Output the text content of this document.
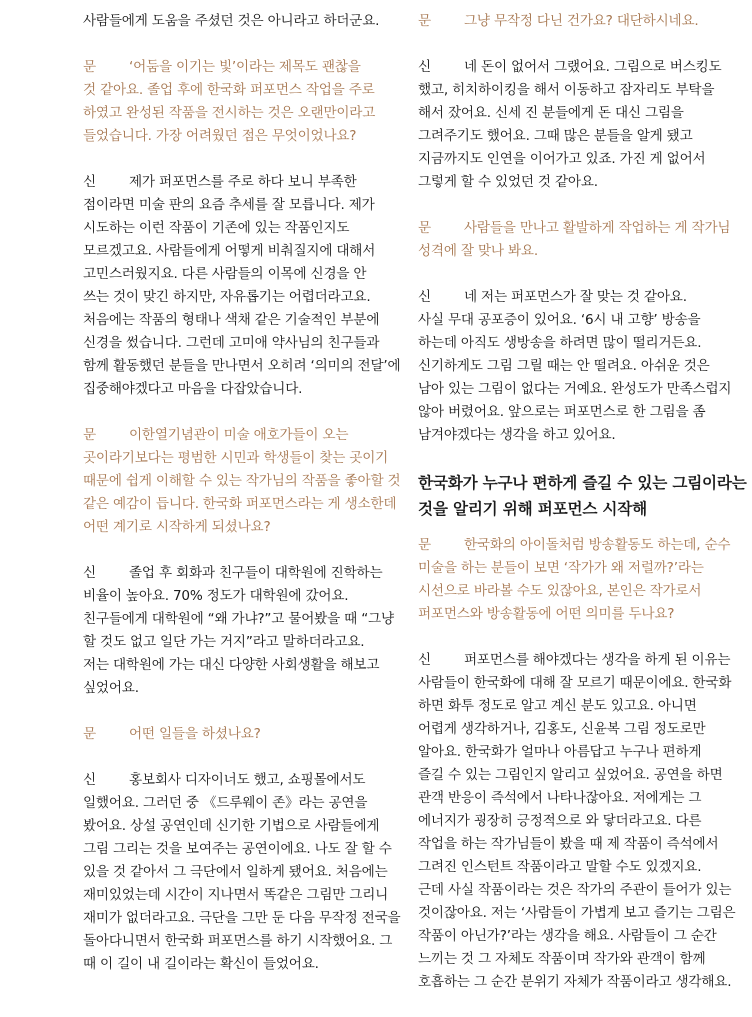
사람들에게 도움을 주셨던 것은 아니라고 하더군요.
문 ‘어둠을 이기는 빛’이라는 제목도 괜찮을
것 같아요. 졸업 후에 한국화 퍼포먼스 작업을 주로
하였고 완성된 작품을 전시하는 것은 오랜만이라고
들었습니다. 가장 어려웠던 점은 무엇이었나요?
신 제가 퍼포먼스를 주로 하다 보니 부족한
점이라면 미술 판의 요즘 추세를 잘 모릅니다. 제가
시도하는 이런 작품이 기존에 있는 작품인지도
모르겠고요. 사람들에게 어떻게 비춰질지에 대해서
고민스러웠지요. 다른 사람들의 이목에 신경을 안
쓰는 것이 맞긴 하지만, 자유롭기는 어렵더라고요.
처음에는 작품의 형태나 색채 같은 기술적인 부분에
신경을 썼습니다. 그런데 고미애 약사님의 친구들과
함께 활동했던 분들을 만나면서 오히려 ‘의미의 전달’에
집중해야겠다고 마음을 다잡았습니다.
문 이한열기념관이 미술 애호가들이 오는
곳이라기보다는 평범한 시민과 학생들이 찾는 곳이기
때문에 쉽게 이해할 수 있는 작가님의 작품을 좋아할 것
같은 예감이 듭니다. 한국화 퍼포먼스라는 게 생소한데
어떤 계기로 시작하게 되셨나요?
신 졸업 후 회화과 친구들이 대학원에 진학하는
비율이 높아요. 70% 정도가 대학원에 갔어요.
친구들에게 대학원에 “왜 가냐?”고 물어봤을 때 “그냥
할 것도 없고 일단 가는 거지”라고 말하더라고요.
저는 대학원에 가는 대신 다양한 사회생활을 해보고
싶었어요.
문 어떤 일들을 하셨나요?
신 홍보회사 디자이너도 했고, 쇼핑몰에서도
일했어요. 그러던 중 《드루웨이 존》라는 공연을
봤어요. 상설 공연인데 신기한 기법으로 사람들에게
그림 그리는 것을 보여주는 공연이에요. 나도 잘 할 수
있을 것 같아서 그 극단에서 일하게 됐어요. 처음에는
재미있었는데 시간이 지나면서 똑같은 그림만 그리니
재미가 없더라고요. 극단을 그만 둔 다음 무작정 전국을
돌아다니면서 한국화 퍼포먼스를 하기 시작했어요. 그
때 이 길이 내 길이라는 확신이 들었어요.
문 그냥 무작정 다닌 건가요? 대단하시네요.
신 네 돈이 없어서 그랬어요. 그림으로 버스킹도
했고, 히치하이킹을 해서 이동하고 잠자리도 부탁을
해서 잤어요. 신세 진 분들에게 돈 대신 그림을
그려주기도 했어요. 그때 많은 분들을 알게 됐고
지금까지도 인연을 이어가고 있죠. 가진 게 없어서
그렇게 할 수 있었던 것 같아요.
문 사람들을 만나고 활발하게 작업하는 게 작가님
성격에 잘 맞나 봐요.
신 네 저는 퍼포먼스가 잘 맞는 것 같아요.
사실 무대 공포증이 있어요. ‘6시 내 고향’ 방송을
하는데 아직도 생방송을 하려면 많이 떨리거든요.
신기하게도 그림 그릴 때는 안 떨려요. 아쉬운 것은
남아 있는 그림이 없다는 거예요. 완성도가 만족스럽지
않아 버렸어요. 앞으로는 퍼포먼스로 한 그림을 좀
남겨야겠다는 생각을 하고 있어요.
한국화가 누구나 편하게 즐길 수 있는 그림이라는
것을 알리기 위해 퍼포먼스 시작해
문 한국화의 아이돌처럼 방송활동도 하는데, 순수
미술을 하는 분들이 보면 ‘작가가 왜 저럴까?’라는
시선으로 바라볼 수도 있잖아요, 본인은 작가로서
퍼포먼스와 방송활동에 어떤 의미를 두나요?
신 퍼포먼스를 해야겠다는 생각을 하게 된 이유는
사람들이 한국화에 대해 잘 모르기 때문이에요. 한국화
하면 화투 정도로 알고 계신 분도 있고요. 아니면
어렵게 생각하거나, 김홍도, 신윤복 그림 정도로만
알아요. 한국화가 얼마나 아름답고 누구나 편하게
즐길 수 있는 그림인지 알리고 싶었어요. 공연을 하면
관객 반응이 즉석에서 나타나잖아요. 저에게는 그
에너지가 굉장히 긍정적으로 와 닿더라고요. 다른
작업을 하는 작가님들이 봤을 때 제 작품이 즉석에서
그려진 인스턴트 작품이라고 말할 수도 있겠지요.
근데 사실 작품이라는 것은 작가의 주관이 들어가 있는
것이잖아요. 저는 ‘사람들이 가볍게 보고 즐기는 그림은
작품이 아닌가?’라는 생각을 해요. 사람들이 그 순간
느끼는 것 그 자체도 작품이며 작가와 관객이 함께
호흡하는 그 순간 분위기 자체가 작품이라고 생각해요.
